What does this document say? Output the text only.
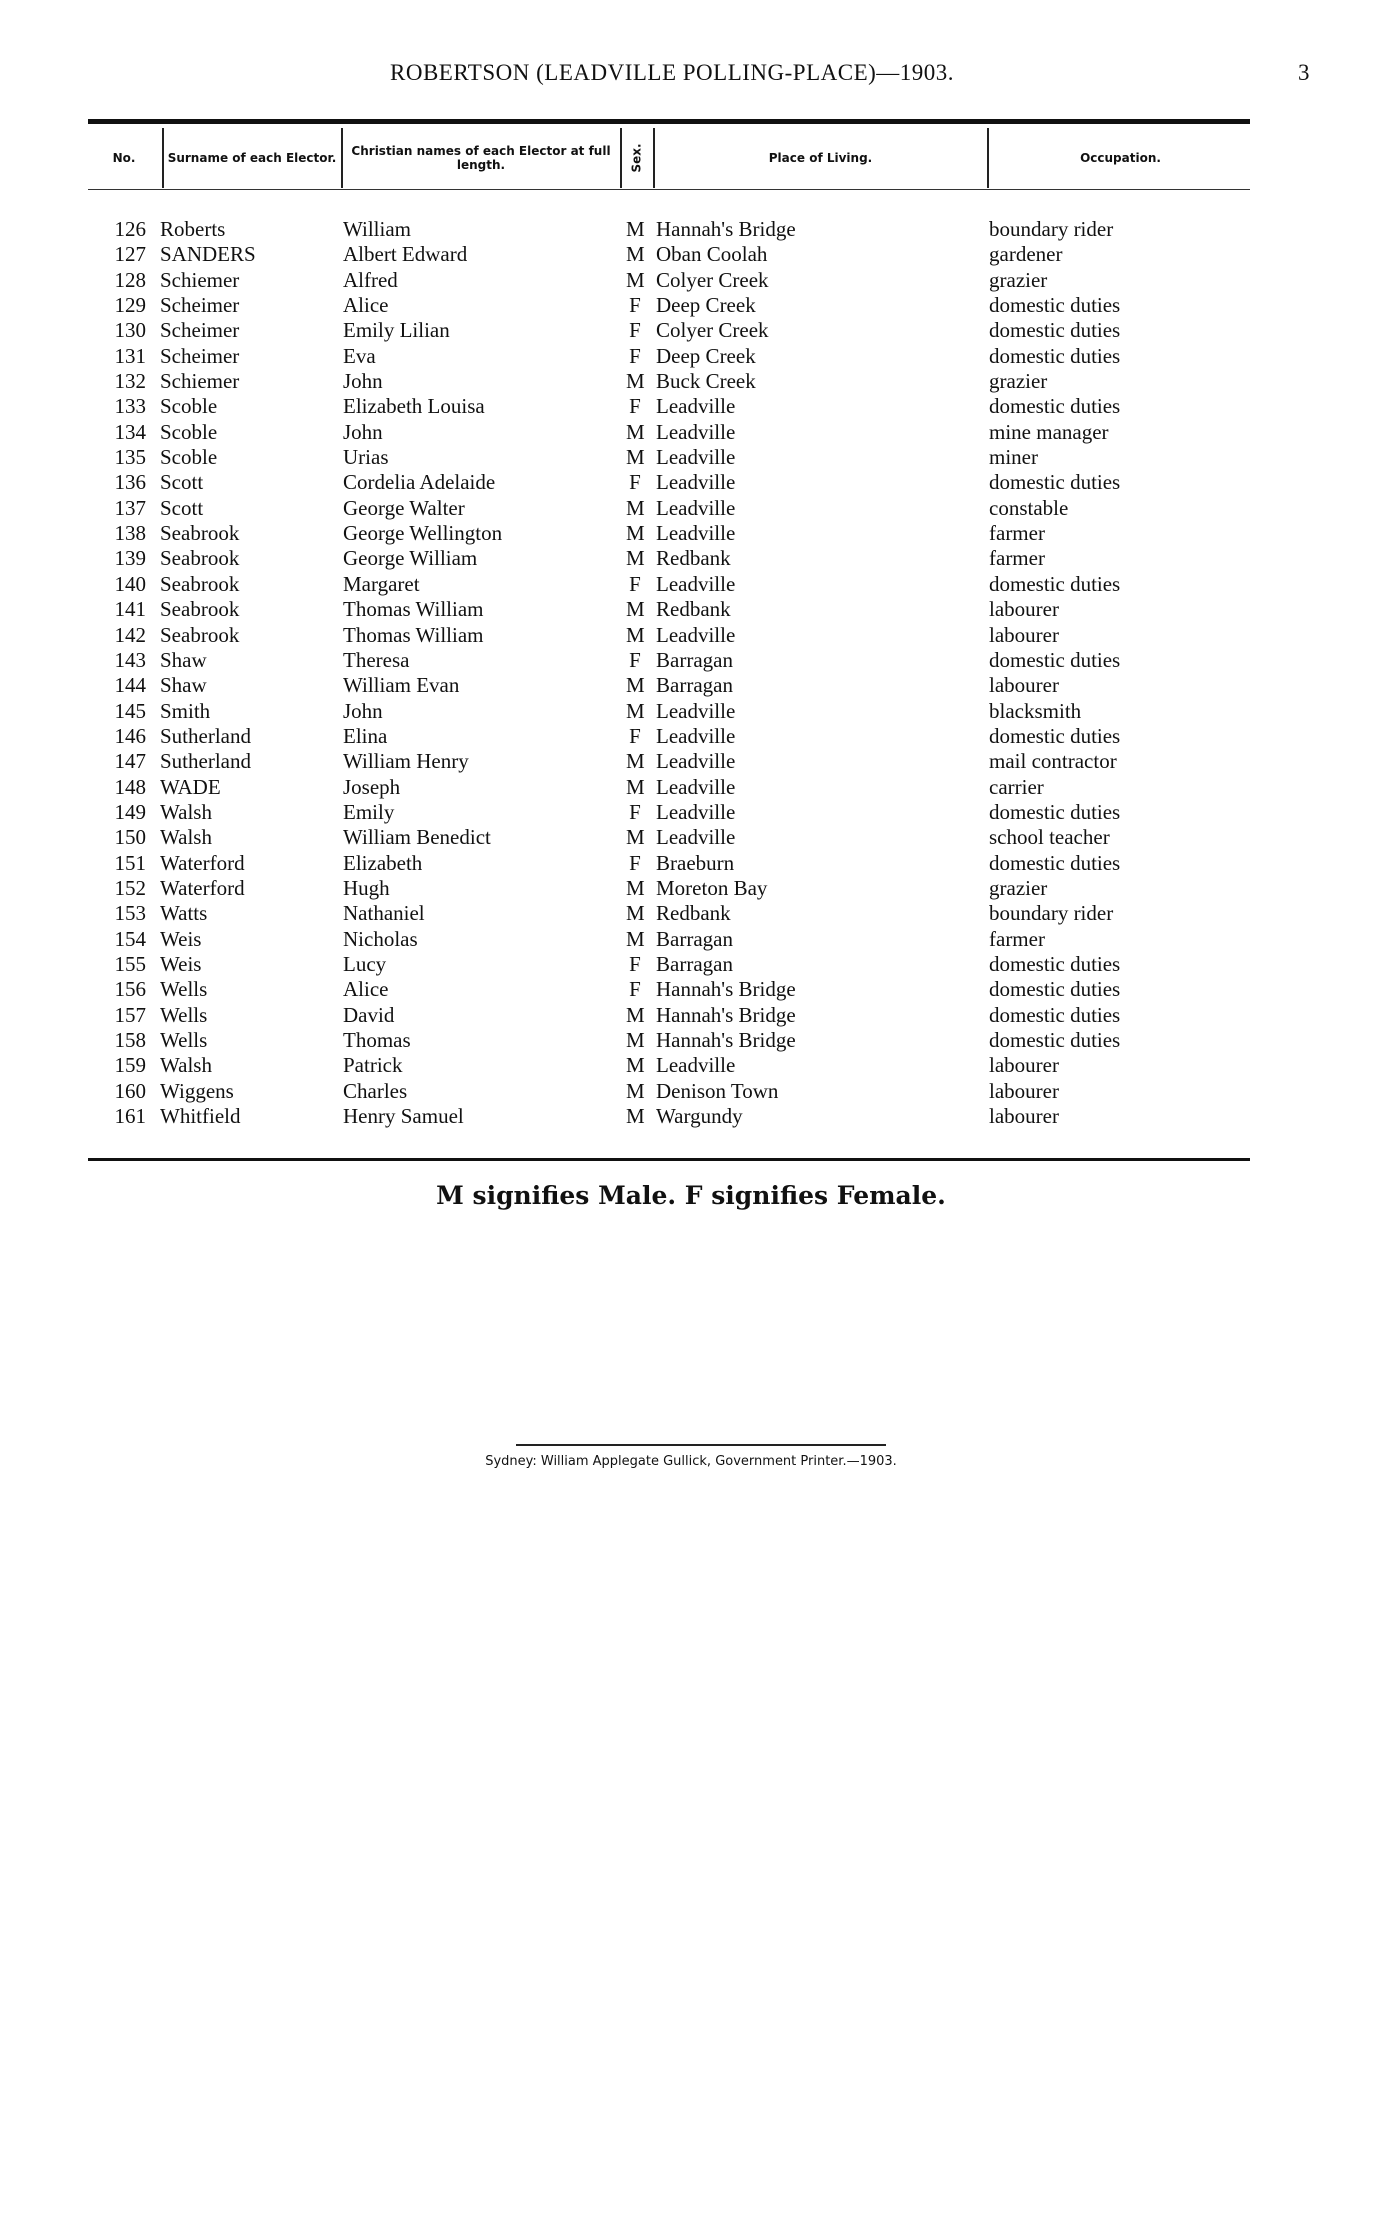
ROBERTSON (LEADVILLE POLLING-PLACE)—1903.	3
No.	Surname of each Elector.	Christian names of each Elector at full length.	Sex.	Place of Living.	Occupation.
126 Roberts	William	M Hannah's Bridge	boundary rider
127 SANDERS	Albert Edward	M Oban Coolah	gardener
128 Schiemer	Alfred	M Colyer Creek	grazier
129 Scheimer	Alice	F Deep Creek	domestic duties
130 Scheimer	Emily Lilian	F Colyer Creek	domestic duties
131 Scheimer	Eva	F Deep Creek	domestic duties
132 Schiemer	John	M Buck Creek	grazier
133 Scoble	Elizabeth Louisa	F Leadville	domestic duties
134 Scoble	John	M Leadville	mine manager
135 Scoble	Urias	M Leadville	miner
136 Scott	Cordelia Adelaide	F Leadville	domestic duties
137 Scott	George Walter	M Leadville	constable
138 Seabrook	George Wellington	M Leadville	farmer
139 Seabrook	George William	M Redbank	farmer
140 Seabrook	Margaret	F Leadville	domestic duties
141 Seabrook	Thomas William	M Redbank	labourer
142 Seabrook	Thomas William	M Leadville	labourer
143 Shaw	Theresa	F Barragan	domestic duties
144 Shaw	William Evan	M Barragan	labourer
145 Smith	John	M Leadville	blacksmith
146 Sutherland	Elina	F Leadville	domestic duties
147 Sutherland	William Henry	M Leadville	mail contractor
148 WADE	Joseph	M Leadville	carrier
149 Walsh	Emily	F Leadville	domestic duties
150 Walsh	William Benedict	M Leadville	school teacher
151 Waterford	Elizabeth	F Braeburn	domestic duties
152 Waterford	Hugh	M Moreton Bay	grazier
153 Watts	Nathaniel	M Redbank	boundary rider
154 Weis	Nicholas	M Barragan	farmer
155 Weis	Lucy	F Barragan	domestic duties
156 Wells	Alice	F Hannah's Bridge	domestic duties
157 Wells	David	M Hannah's Bridge	domestic duties
158 Wells	Thomas	M Hannah's Bridge	domestic duties
159 Walsh	Patrick	M Leadville	labourer
160 Wiggens	Charles	M Denison Town	labourer
161 Whitfield	Henry Samuel	M Wargundy	labourer
M signifies Male. F signifies Female.
Sydney: William Applegate Gullick, Government Printer.—1903.
